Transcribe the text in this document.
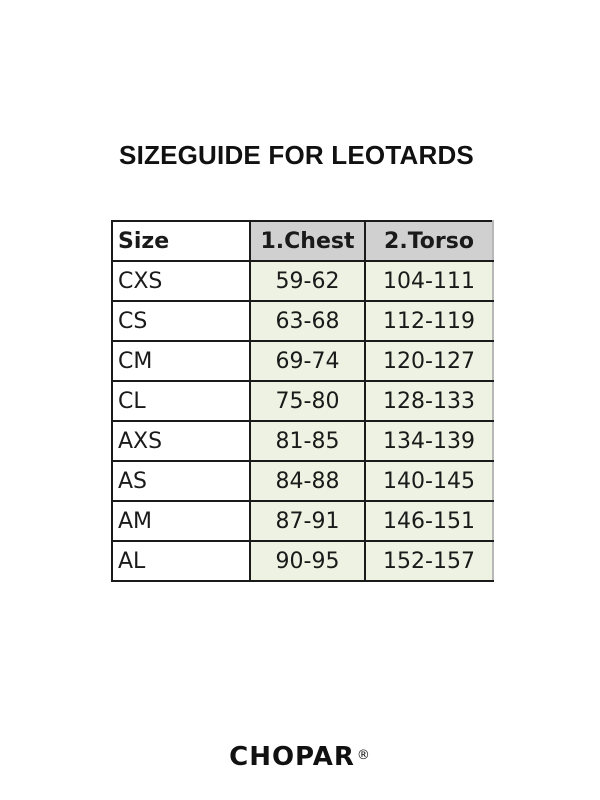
SIZEGUIDE FOR LEOTARDS
Size	1.Chest	2.Torso
CXS	59-62	104-111
CS	63-68	112-119
CM	69-74	120-127
CL	75-80	128-133
AXS	81-85	134-139
AS	84-88	140-145
AM	87-91	146-151
AL	90-95	152-157
CHOPAR ®
